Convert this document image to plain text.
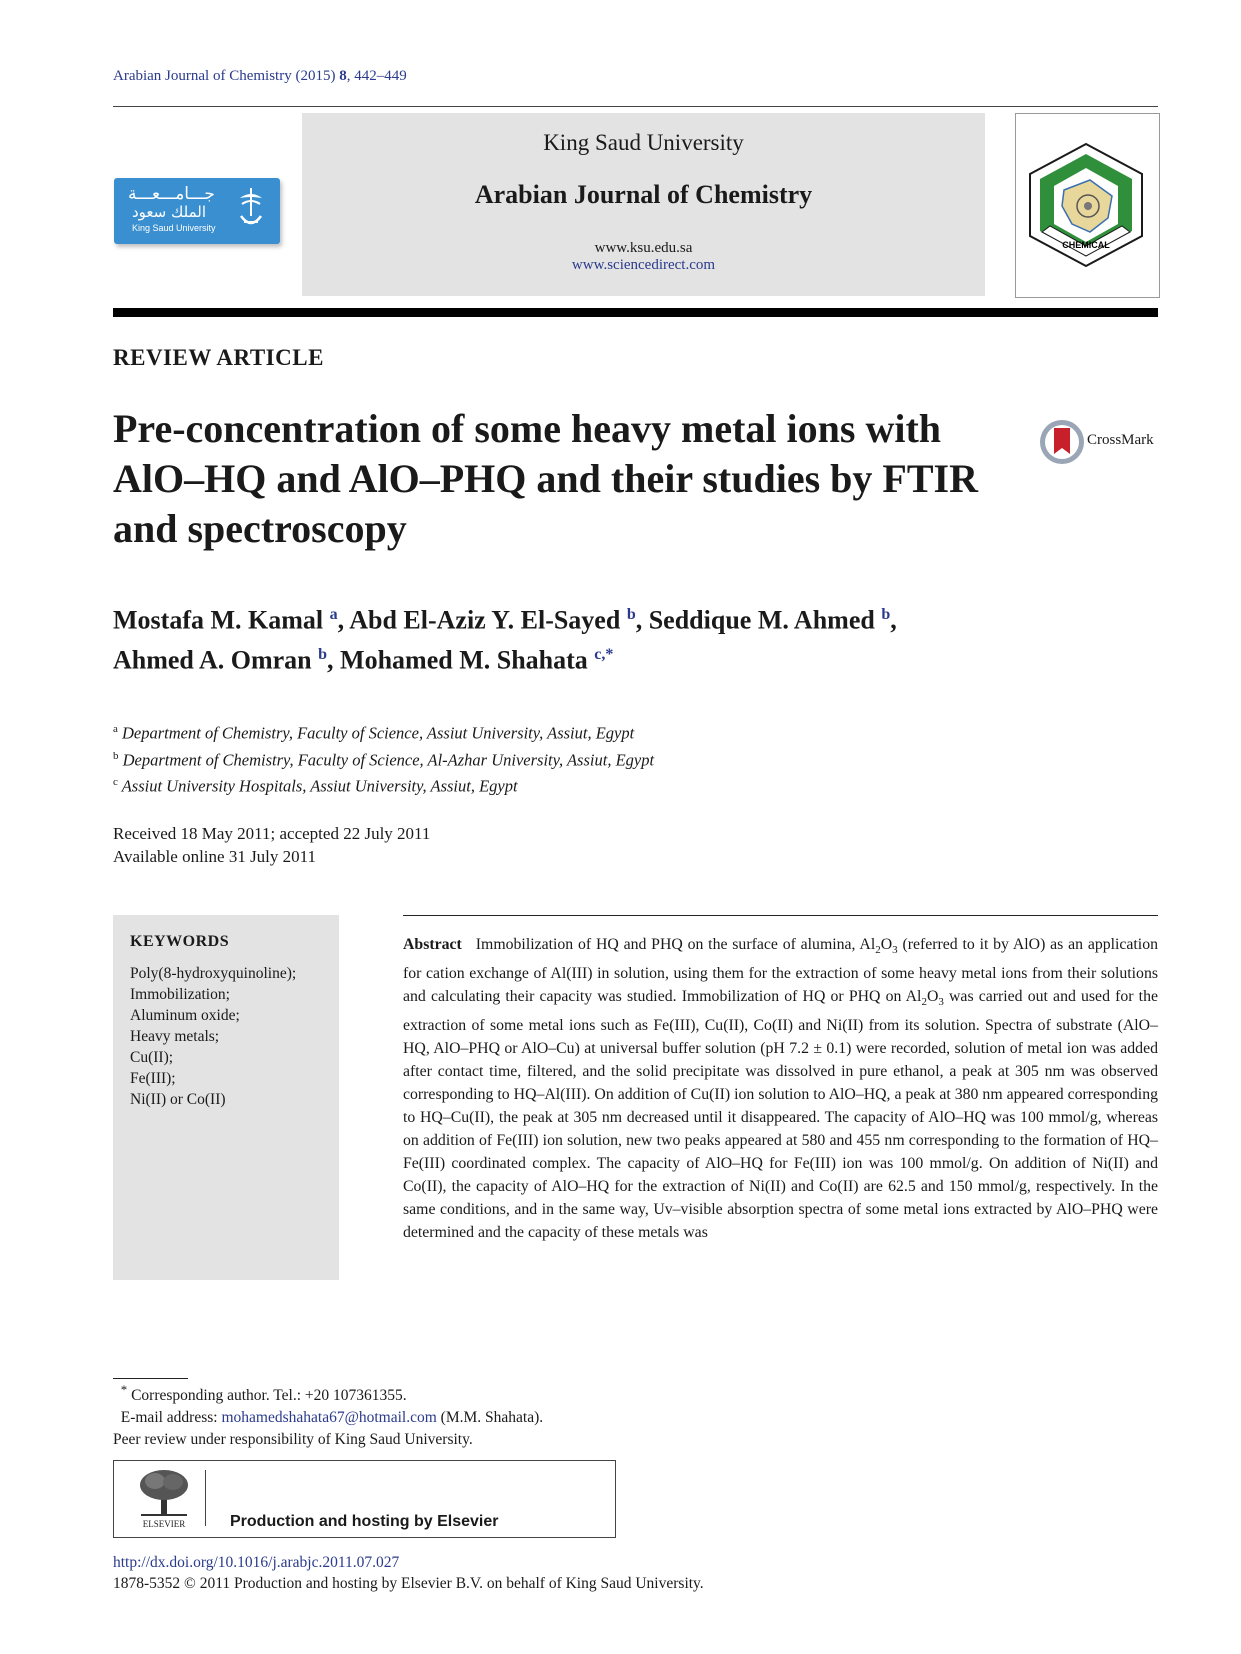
Arabian Journal of Chemistry (2015) 8, 442–449
جـــامـــعـــة
الملك سعود
King Saud University
King Saud University
Arabian Journal of Chemistry
www.ksu.edu.sa
www.sciencedirect.com
CHEMICAL
REVIEW ARTICLE
Pre-concentration of some heavy metal ions with AlO–HQ and AlO–PHQ and their studies by FTIR and spectroscopy
CrossMark
Mostafa M. Kamal $^a$, Abd El-Aziz Y. El-Sayed $^b$, Seddique M. Ahmed $^b$,
Ahmed A. Omran $^b$, Mohamed M. Shahata $^{c,*}$
$^a$ Department of Chemistry, Faculty of Science, Assiut University, Assiut, Egypt
$^b$ Department of Chemistry, Faculty of Science, Al-Azhar University, Assiut, Egypt
$^c$ Assiut University Hospitals, Assiut University, Assiut, Egypt
Received 18 May 2011; accepted 22 July 2011
Available online 31 July 2011
KEYWORDS
Poly(8-hydroxyquinoline);
Immobilization;
Aluminum oxide;
Heavy metals;
Cu(II);
Fe(III);
Ni(II) or Co(II)
Abstract Immobilization of HQ and PHQ on the surface of alumina, $Al_2O_3$ (referred to it by AlO) as an application for cation exchange of Al(III) in solution, using them for the extraction of some heavy metal ions from their solutions and calculating their capacity was studied. Immobilization of HQ or PHQ on $Al_2O_3$ was carried out and used for the extraction of some metal ions such as Fe(III), Cu(II), Co(II) and Ni(II) from its solution. Spectra of substrate (AlO–HQ, AlO–PHQ or AlO–Cu) at universal buffer solution (pH 7.2 ± 0.1) were recorded, solution of metal ion was added after contact time, filtered, and the solid precipitate was dissolved in pure ethanol, a peak at 305 nm was observed corresponding to HQ–Al(III). On addition of Cu(II) ion solution to AlO–HQ, a peak at 380 nm appeared corresponding to HQ–Cu(II), the peak at 305 nm decreased until it disappeared. The capacity of AlO–HQ was 100 mmol/g, whereas on addition of Fe(III) ion solution, new two peaks appeared at 580 and 455 nm corresponding to the formation of HQ–Fe(III) coordinated complex. The capacity of AlO–HQ for Fe(III) ion was 100 mmol/g. On addition of Ni(II) and Co(II), the capacity of AlO–HQ for the extraction of Ni(II) and Co(II) are 62.5 and 150 mmol/g, respectively. In the same conditions, and in the same way, Uv–visible absorption spectra of some metal ions extracted by AlO–PHQ were determined and the capacity of these metals was
* Corresponding author. Tel.: +20 107361355.
E-mail address: mohamedshahata67@hotmail.com (M.M. Shahata).
Peer review under responsibility of King Saud University.
ELSEVIER	Production and hosting by Elsevier
http://dx.doi.org/10.1016/j.arabjc.2011.07.027
1878-5352 © 2011 Production and hosting by Elsevier B.V. on behalf of King Saud University.
